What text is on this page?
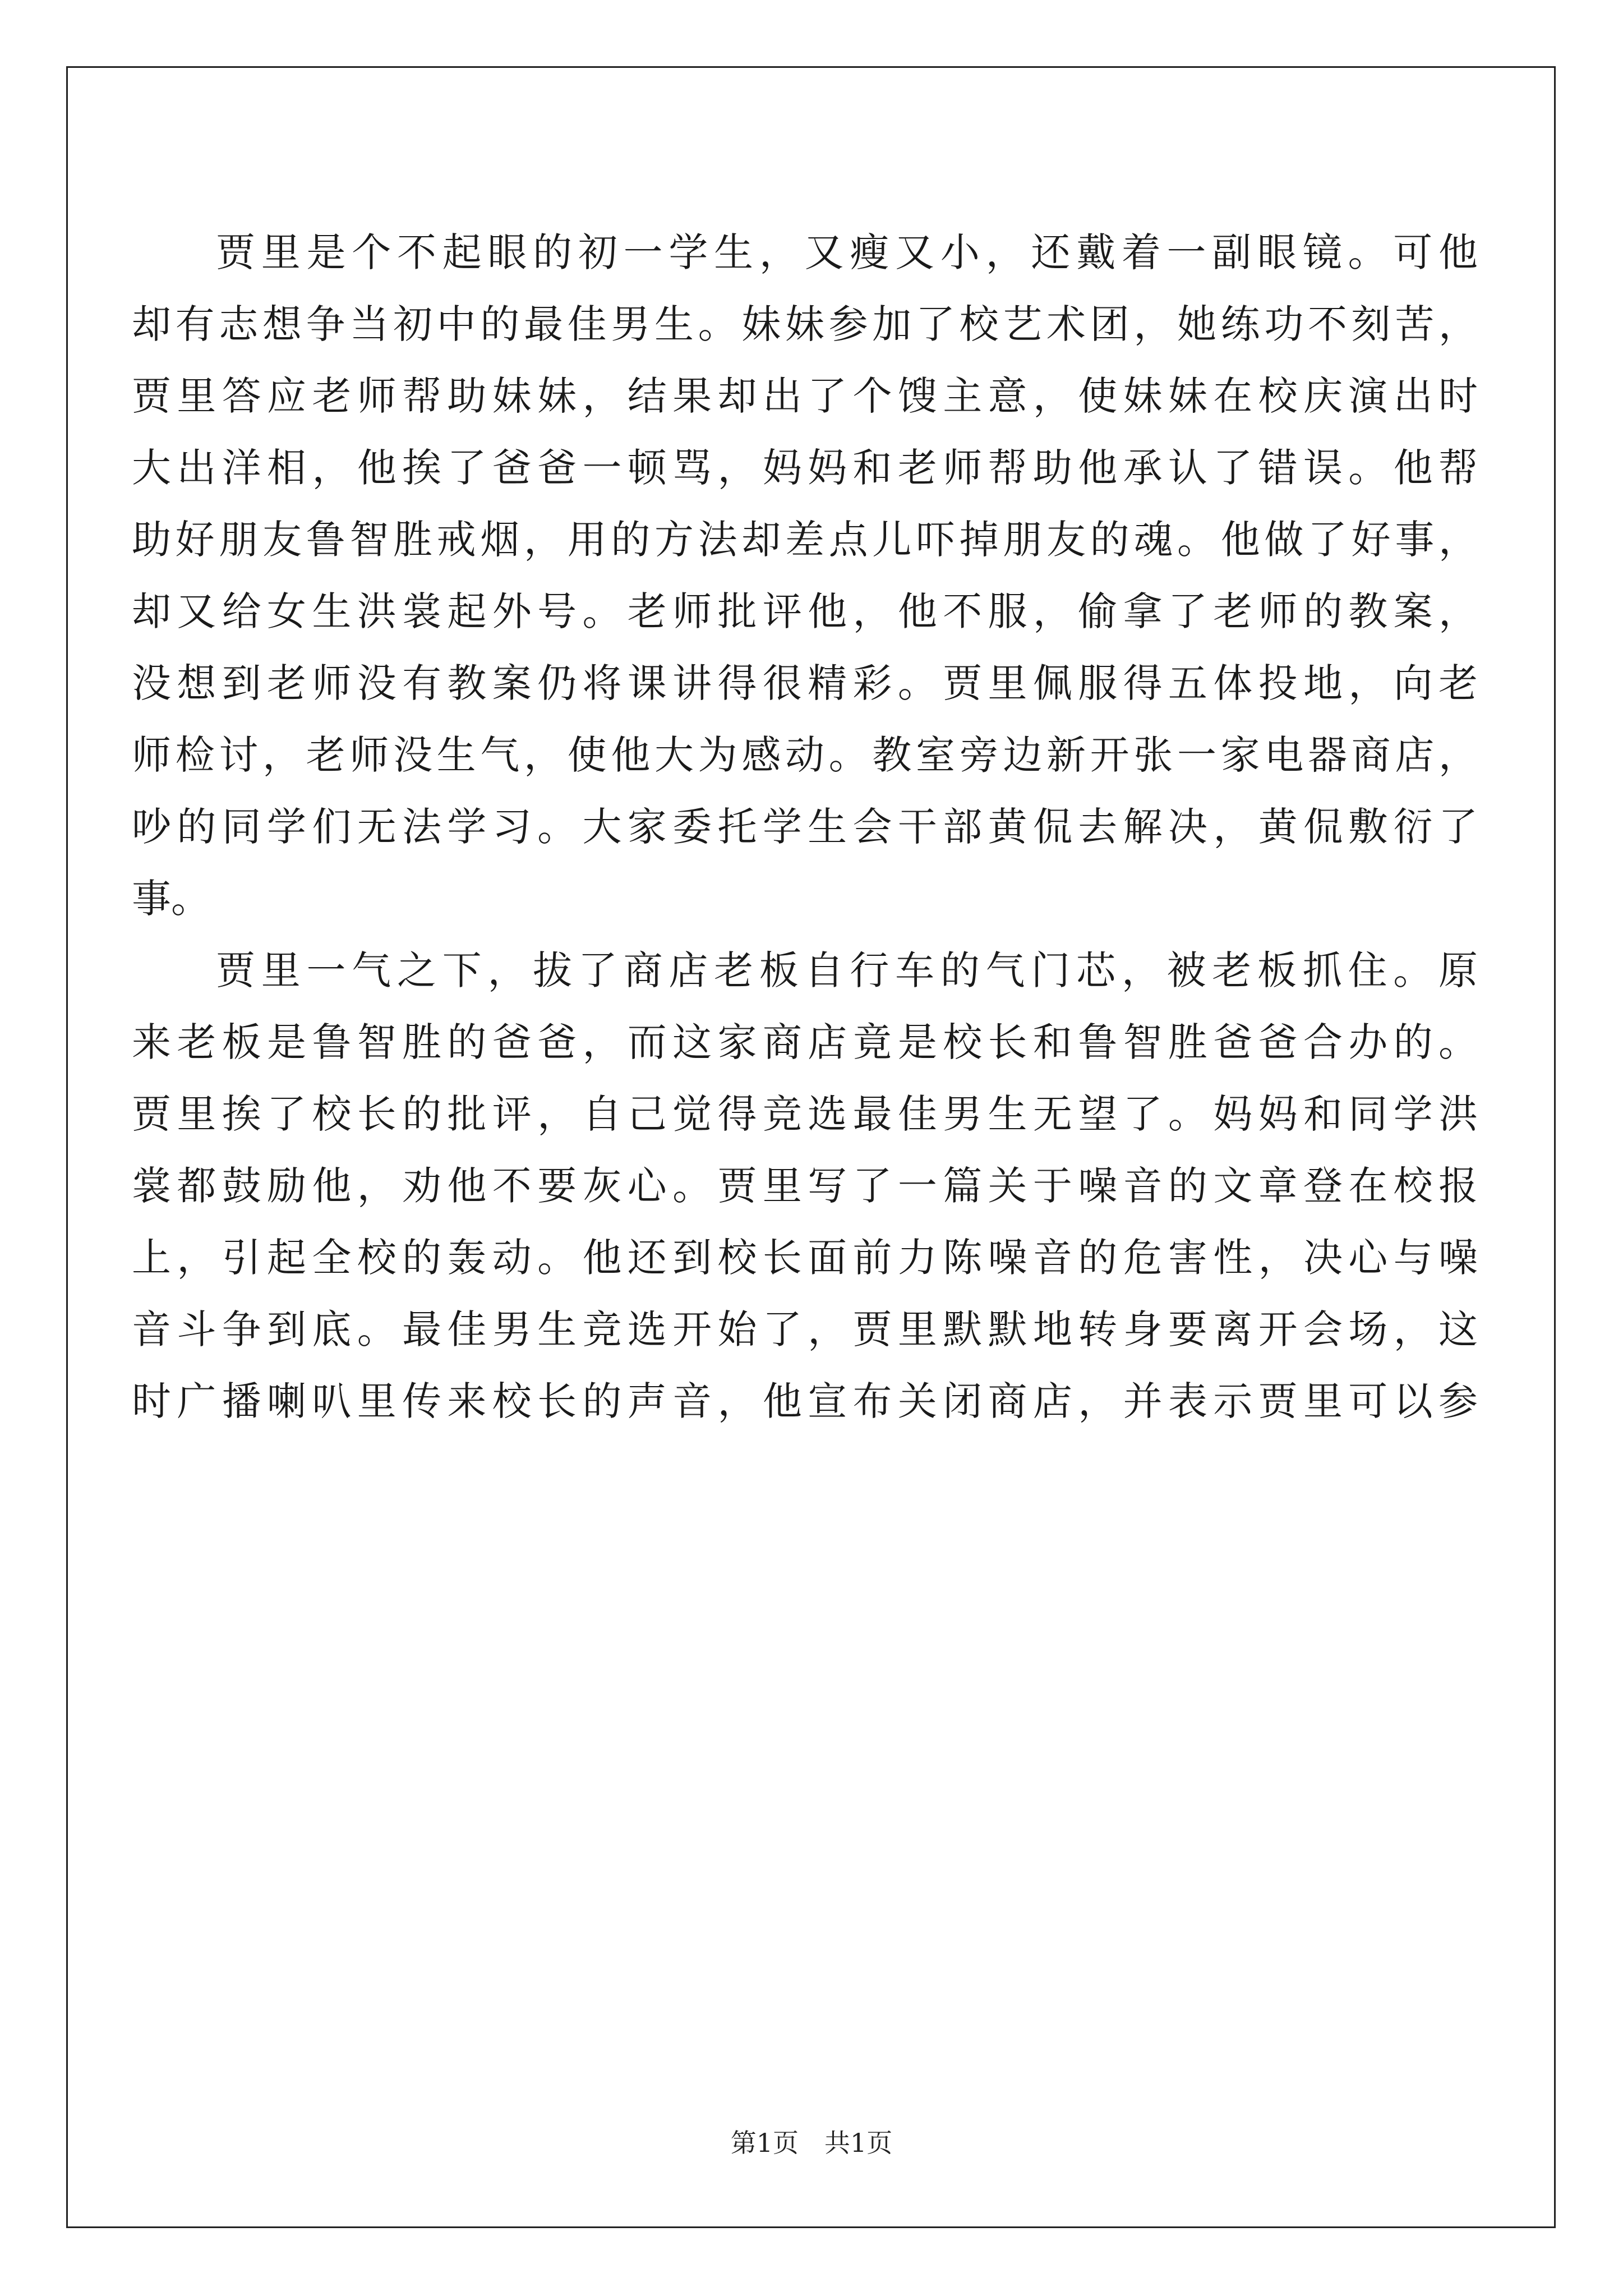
贾里是个不起眼的初一学生，又瘦又小，还戴着一副眼镜。可他
却有志想争当初中的最佳男生。妹妹参加了校艺术团，她练功不刻苦，
贾里答应老师帮助妹妹，结果却出了个馊主意，使妹妹在校庆演出时
大出洋相，他挨了爸爸一顿骂，妈妈和老师帮助他承认了错误。他帮
助好朋友鲁智胜戒烟，用的方法却差点儿吓掉朋友的魂。他做了好事，
却又给女生洪裳起外号。老师批评他，他不服，偷拿了老师的教案，
没想到老师没有教案仍将课讲得很精彩。贾里佩服得五体投地，向老
师检讨，老师没生气，使他大为感动。教室旁边新开张一家电器商店，
吵的同学们无法学习。大家委托学生会干部黄侃去解决，黄侃敷衍了
事。
贾里一气之下，拔了商店老板自行车的气门芯，被老板抓住。原
来老板是鲁智胜的爸爸，而这家商店竟是校长和鲁智胜爸爸合办的。
贾里挨了校长的批评，自己觉得竞选最佳男生无望了。妈妈和同学洪
裳都鼓励他，劝他不要灰心。贾里写了一篇关于噪音的文章登在校报
上，引起全校的轰动。他还到校长面前力陈噪音的危害性，决心与噪
音斗争到底。最佳男生竞选开始了，贾里默默地转身要离开会场，这
时广播喇叭里传来校长的声音，他宣布关闭商店，并表示贾里可以参
第1页　共1页
